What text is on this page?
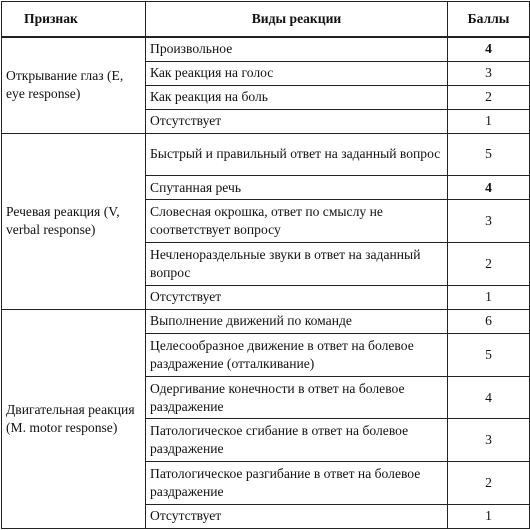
Признак	Виды реакции	Баллы
Открывание глаз (E, eye response)	Произвольное	4
	Как реакция на голос	3
	Как реакция на боль	2
	Отсутствует	1
Речевая реакция (V, verbal response)	Быстрый и правильный ответ на заданный вопрос	5
	Спутанная речь	4
	Словесная окрошка, ответ по смыслу не соответствует вопросу	3
	Нечленораздельные звуки в ответ на заданный вопрос	2
	Отсутствует	1
Двигательная реакция (M. motor response)	Выполнение движений по команде	6
	Целесообразное движение в ответ на болевое раздражение (отталкивание)	5
	Одергивание конечности в ответ на болевое раздражение	4
	Патологическое сгибание в ответ на болевое раздражение	3
	Патологическое разгибание в ответ на болевое раздражение	2
	Отсутствует	1
